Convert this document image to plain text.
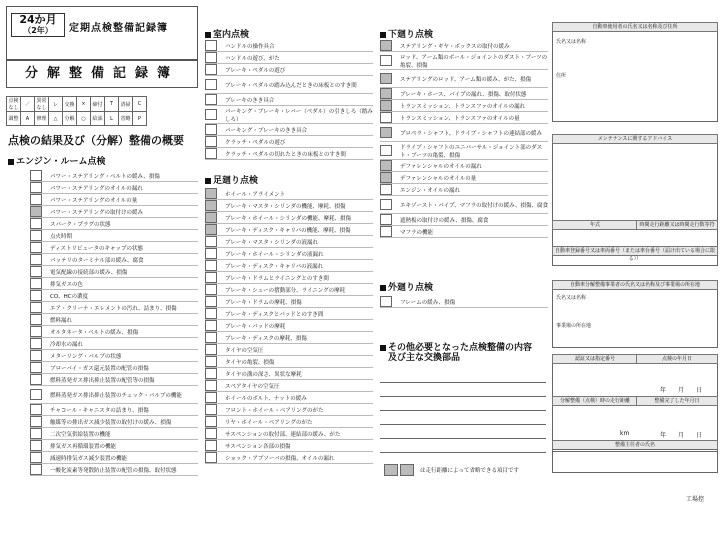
24か月
（2年）	定期点検整備記録簿
分解整備記録簿
点検なし	／	異常なし	レ	交換	×	締付	T	清掃	C
調整	A	修理	△	分解	○	給油	L	省略	P
点検の結果及び（分解）整備の概要
エンジン・ルーム点検
パワー・ステアリング・ベルトの緩み、損傷
パワー・ステアリングのオイルの漏れ
パワー・ステアリングのオイルの量
パワー・ステアリングの取付けの緩み
スパーク・プラグの状態
点火時期
ディストリビュータのキャップの状態
バッテリのターミナル部の緩み、腐食
電気配線の接続部の緩み、損傷
排気ガスの色
CO、HCの濃度
エア・クリーナ・エレメントの汚れ、詰まり、損傷
燃料漏れ
オルタネータ・ベルトの緩み、損傷
冷却水の漏れ
メターリング・バルブの状態
ブローバイ・ガス還元装置の配管の損傷
燃料蒸発ガス排出抑止装置の配管等の損傷
燃料蒸発ガス排出抑止装置のチェック・バルブの機能
チャコール・キャニスタの詰まり、損傷
触媒等の排出ガス減少装置の取付けの緩み、損傷
二次空気供給装置の機能
排気ガス再循環装置の機能
減速時排気ガス減少装置の機能
一酸化炭素等発散防止装置の配管の損傷、取付状態
室内点検
ハンドルの操作具合
ハンドルの遊び、がた
ブレーキ・ペダルの遊び
ブレーキ・ペダルの踏み込んだときの床板とのすき間
ブレーキのきき具合
パーキング・ブレーキ・レバー（ペダル）の引きしろ（踏みしろ）
パーキング・ブレーキのきき具合
クラッチ・ペダルの遊び
クラッチ・ペダルの切れたときの床板とのすき間
足廻り点検
ホイール・アライメント
ブレーキ・マスタ・シリンダの機能、摩耗、損傷
ブレーキ・ホイール・シリンダの機能、摩耗、損傷
ブレーキ・ディスク・キャリパの機能、摩耗、損傷
ブレーキ・マスタ・シリンダの液漏れ
ブレーキ・ホイール・シリンダの液漏れ
ブレーキ・ディスク・キャリパの液漏れ
ブレーキ・ドラムとライニングとのすき間
ブレーキ・シューの摺動部分、ライニングの摩耗
ブレーキ・ドラムの摩耗、損傷
ブレーキ・ディスクとパッドとのすき間
ブレーキ・パッドの摩耗
ブレーキ・ディスクの摩耗、損傷
タイヤの空気圧
タイヤの亀裂、損傷
タイヤの溝の深さ、異状な摩耗
スペアタイヤの空気圧
ホイールのボルト、ナットの緩み
フロント・ホイール・ベアリングのがた
リヤ・ホイール・ベアリングのがた
サスペンションの取付部、連結部の緩み、がた
サスペンション各部の損傷
ショック・アブソーバの損傷、オイルの漏れ
下廻り点検
ステアリング・ギヤ・ボックスの取付の緩み
ロッド、アーム類のボール・ジョイントのダスト・ブーツの亀裂、損傷
ステアリングのロッド、アーム類の緩み、がた、損傷
ブレーキ・ホース、パイプの漏れ、損傷、取付状態
トランスミッション、トランスファのオイルの漏れ
トランスミッション、トランスファのオイルの量
プロペラ・シャフト、ドライブ・シャフトの連結部の緩み
ドライブ・シャフトのユニバーサル・ジョイント部のダスト・ブーツの亀裂、損傷
デファレンシャルのオイルの漏れ
デファレンシャルのオイルの量
エンジン・オイルの漏れ
エキゾースト・パイプ、マフラの取付けの緩み、損傷、腐食
遮熱板の取付けの緩み、損傷、腐食
マフラの機能
外廻り点検
フレームの緩み、損傷
その他必要となった点検整備の内容
及び主な交換部品
は走行距離によって省略できる項目です
自動車使用者の氏名又は名称及び住所
氏名又は名称
住所
メンテナンスに関するアドバイス
年式	時間走行距離又は時間走行数等符
自動車登録番号又は車両番号（または車台番号（届け出ている場合に限る））
自動車分解整備事業者の氏名又は名称及び事業場の所在地
氏名又は名称
事業場の所在地
認証又は指定番号	点検の年月日
年　　 月　　 日
分解整備（点検）時の走行距離	整備完了した年月日
km	年　　 月　　 日
整備主任者の氏名
工場控
